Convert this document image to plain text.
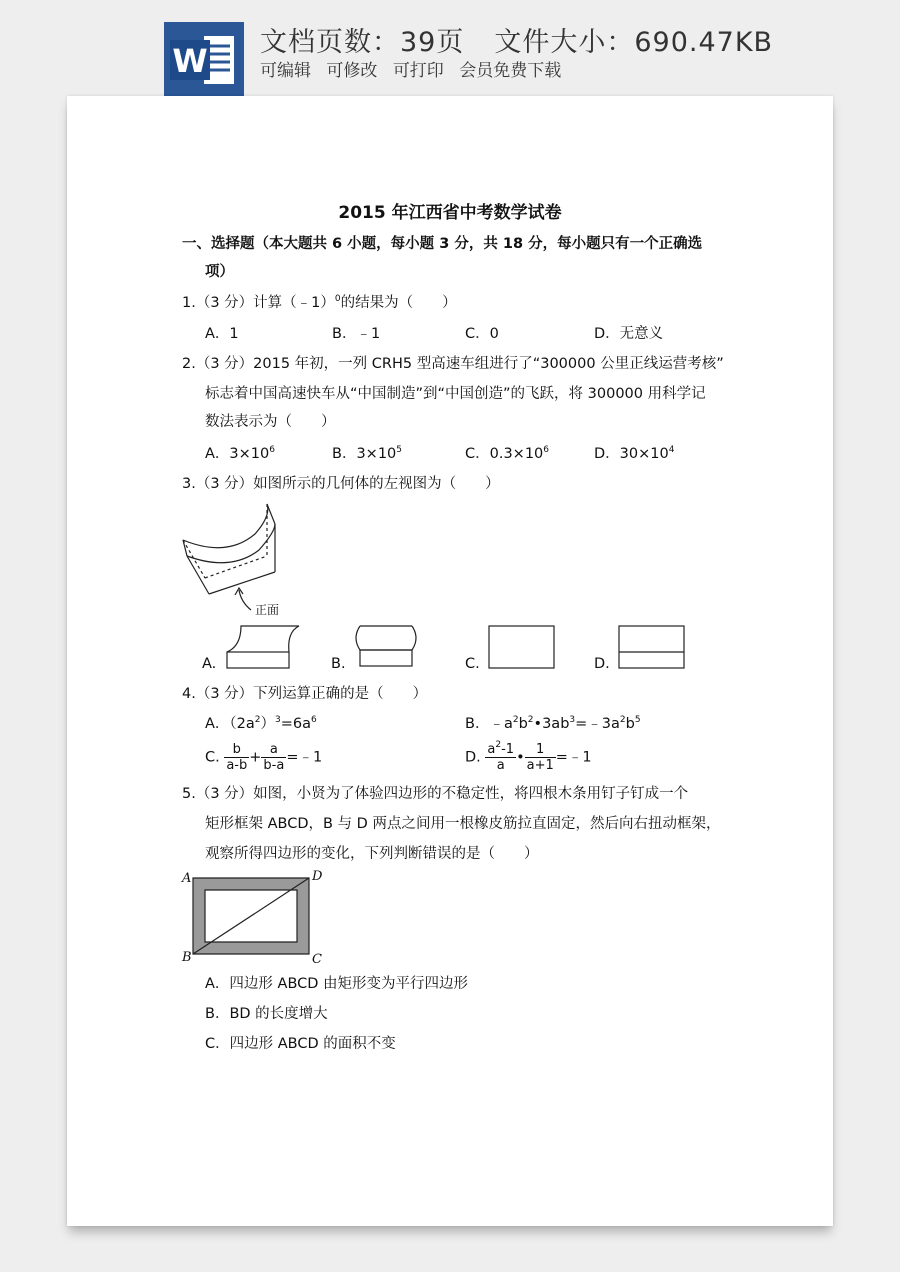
W 文档页数：39页 文件大小：690.47KB
可编辑 可修改 可打印 会员免费下载
2015 年江西省中考数学试卷
一、选择题（本大题共 6 小题，每小题 3 分，共 18 分，每小题只有一个正确选
项）
1.（3 分）计算（﹣1）$^0$的结果为（　　）
A．1	B．﹣1	C．0	D．无意义
2.（3 分）2015 年初，一列 CRH5 型高速车组进行了“300000 公里正线运营考核”
标志着中国高速快车从“中国制造”到“中国创造”的飞跃，将 300000 用科学记
数法表示为（　　）
A．$3\times 10^6$	B．$3\times 10^5$	C．$0.3\times 10^6$	D．$30\times 10^4$
3.（3 分）如图所示的几何体的左视图为（　　）
正面
A.	B.	C.	D.
4.（3 分）下列运算正确的是（　　）
A．$(2a^2)^3=6a^6$	B．$﹣a^2b^2•3ab^3=﹣3a^2b^5$
C. $\frac{b}{a-b} + \frac{a}{b-a}$ =﹣1	D. $\frac{a^2-1}{a}$ • $\frac{1}{a+1}$ =﹣1
5.（3 分）如图，小贤为了体验四边形的不稳定性，将四根木条用钉子钉成一个
矩形框架 ABCD，B 与 D 两点之间用一根橡皮筋拉直固定，然后向右扭动框架，
观察所得四边形的变化，下列判断错误的是（　　）
A	D
B	C
A．四边形 ABCD 由矩形变为平行四边形
B．BD 的长度增大
C．四边形 ABCD 的面积不变
